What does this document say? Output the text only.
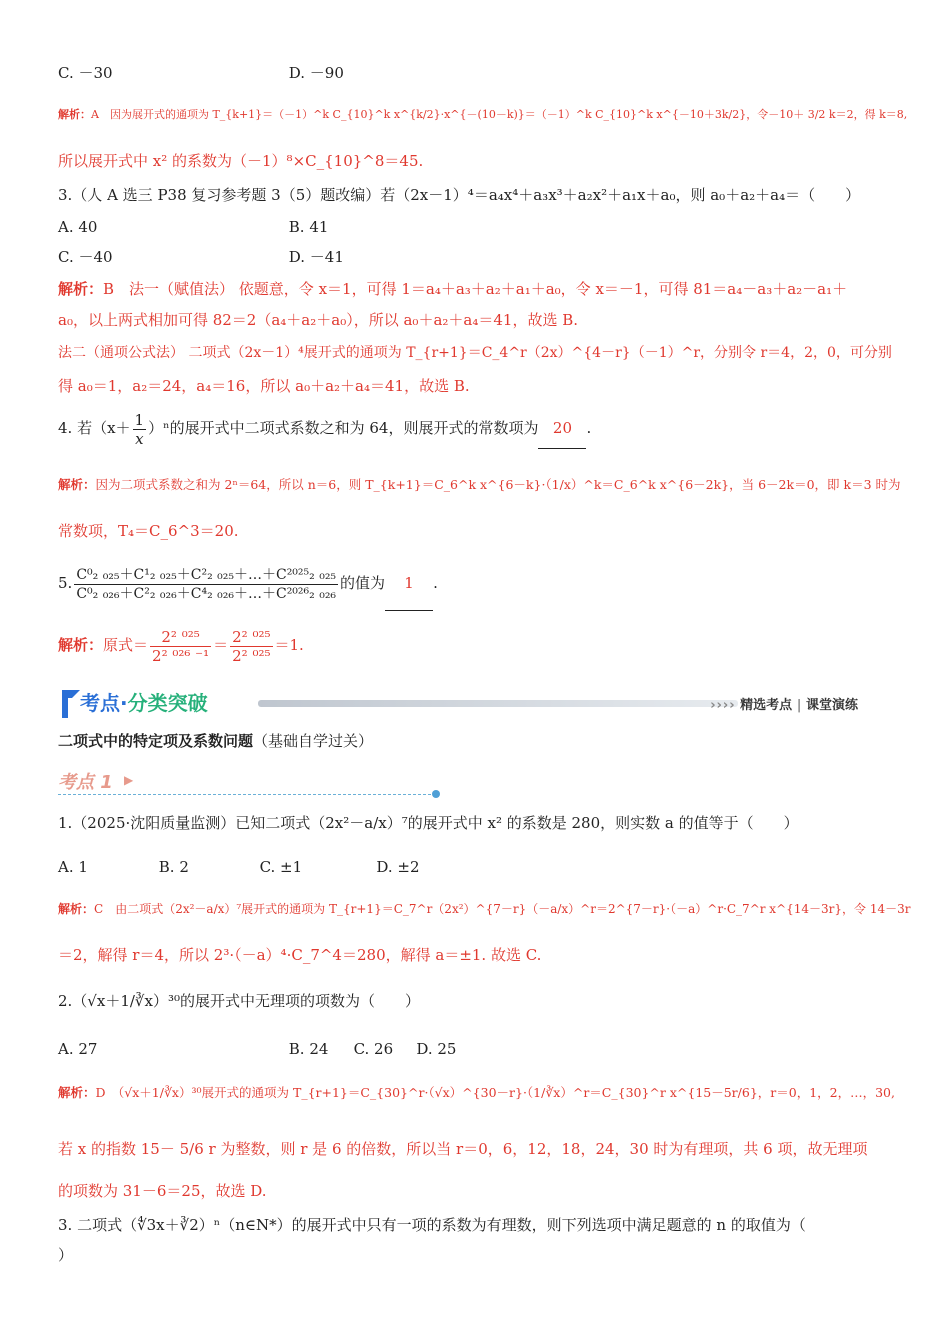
C. －30	D. －90
解析：A　因为展开式的通项为 T_{k+1}＝（－1）^k C_{10}^k x^{k/2}·x^{－(10－k)}＝（－1）^k C_{10}^k x^{－10＋3k/2}，令－10＋ 3/2 k＝2，得 k＝8,
所以展开式中 x² 的系数为（－1）⁸×C_{10}^8＝45.
3.（人 A 选三 P38 复习参考题 3（5）题改编）若（2x－1）⁴＝a₄x⁴＋a₃x³＋a₂x²＋a₁x＋a₀，则 a₀＋a₂＋a₄＝（　　）
A. 40	B. 41
C. －40	D. －41
解析：B　法一（赋值法） 依题意，令 x＝1，可得 1＝a₄＋a₃＋a₂＋a₁＋a₀，令 x＝－1，可得 81＝a₄－a₃＋a₂－a₁＋
a₀，以上两式相加可得 82＝2（a₄＋a₂＋a₀），所以 a₀＋a₂＋a₄＝41，故选 B.
法二（通项公式法） 二项式（2x－1）⁴展开式的通项为 T_{r+1}＝C_4^r（2x）^{4－r}（－1）^r，分别令 r＝4，2，0，可分别
得 a₀＝1，a₂＝24，a₄＝16，所以 a₀＋a₂＋a₄＝41，故选 B.
4. 若$(x+ \frac{1}{x} )^n$的展开式中二项式系数之和为 64，则展开式的常数项为 20 .
解析：因为二项式系数之和为 2ⁿ＝64，所以 n＝6，则 T_{k+1}＝C_6^k x^{6－k}·（1/x）^k＝C_6^k x^{6－2k}，当 6－2k＝0，即 k＝3 时为
常数项，T₄＝C_6^3＝20.
5. $\frac{\text{C⁰₂ ₀₂₅＋C¹₂ ₀₂₅＋C²₂ ₀₂₅＋…＋C²⁰²⁵₂ ₀₂₅}}{\text{C⁰₂ ₀₂₆＋C²₂ ₀₂₆＋C⁴₂ ₀₂₆＋…＋C²⁰²⁶₂ ₀₂₆}}$ 的值为 1 .
解析：原式＝ $\frac{\text{2² ⁰²⁵}}{\text{2² ⁰²⁶ ⁻¹}} = \frac{\text{2² ⁰²⁵}}{\text{2² ⁰²⁵}} =1$.
考点·分类突破	›››› 精选考点 | 课堂演练
二项式中的特定项及系数问题（基础自学过关）
考点 1 ▶
1.（2025·沈阳质量监测）已知二项式（2x²－a/x）⁷的展开式中 x² 的系数是 280，则实数 a 的值等于（　　）
A. 1	B. 2	C. ±1	D. ±2
解析：C　由二项式（2x²－a/x）⁷展开式的通项为 T_{r+1}＝C_7^r（2x²）^{7－r}（－a/x）^r＝2^{7－r}·（－a）^r·C_7^r x^{14－3r}，令 14－3r
＝2，解得 r＝4，所以 2³·（－a）⁴·C_7^4＝280，解得 a＝±1. 故选 C.
2.（√x＋1/∛x）³⁰的展开式中无理项的项数为（　　）
A. 27	B. 24 C. 26 D. 25
解析：D　（√x＋1/∛x）³⁰展开式的通项为 T_{r+1}＝C_{30}^r·（√x）^{30－r}·（1/∛x）^r＝C_{30}^r x^{15－5r/6}，r＝0，1，2，…，30,
若 x 的指数 15－ 5/6 r 为整数，则 r 是 6 的倍数，所以当 r＝0，6，12，18，24，30 时为有理项，共 6 项，故无理项
的项数为 31－6＝25，故选 D.
3. 二项式（∜3x＋∛2）ⁿ（n∈N*）的展开式中只有一项的系数为有理数，则下列选项中满足题意的 n 的取值为（
）
